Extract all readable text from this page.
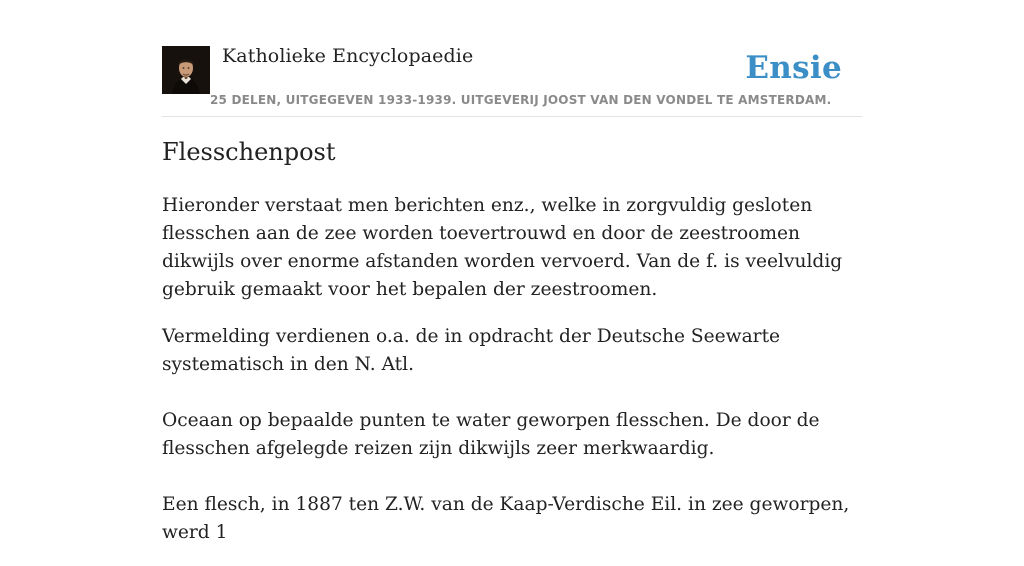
Katholieke Encyclopaedie
25 DELEN, UITGEGEVEN 1933-1939. UITGEVERIJ JOOST VAN DEN VONDEL TE AMSTERDAM.
Ensie
Flesschenpost

Hieronder verstaat men berichten enz., welke in zorgvuldig gesloten flesschen aan de zee worden toevertrouwd en door de zeestroomen dikwijls over enorme afstanden worden vervoerd. Van de f. is veelvuldig gebruik gemaakt voor het bepalen der zeestroomen.

Vermelding verdienen o.a. de in opdracht der Deutsche Seewarte systematisch in den N. Atl.

Oceaan op bepaalde punten te water geworpen flesschen. De door de flesschen afgelegde reizen zijn dikwijls zeer merkwaardig.

Een flesch, in 1887 ten Z.W. van de Kaap-Verdische Eil. in zee geworpen, werd 1
